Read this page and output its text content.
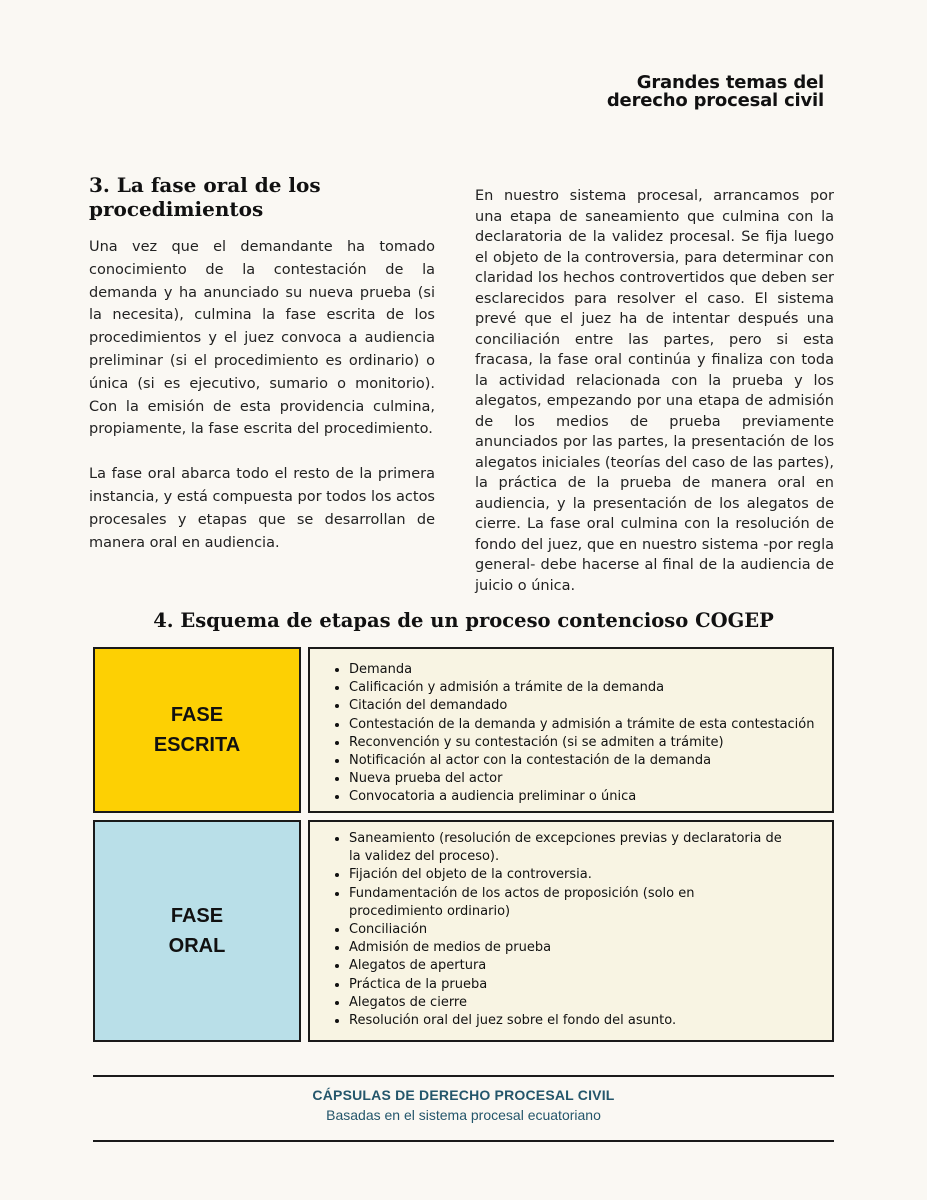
Grandes temas del
derecho procesal civil
3. La fase oral de los procedimientos

Una vez que el demandante ha tomado conocimiento de la contestación de la demanda y ha anunciado su nueva prueba (si la necesita), culmina la fase escrita de los procedimientos y el juez convoca a audiencia preliminar (si el procedimiento es ordinario) o única (si es ejecutivo, sumario o monitorio). Con la emisión de esta providencia culmina, propiamente, la fase escrita del procedimiento.

La fase oral abarca todo el resto de la primera instancia, y está compuesta por todos los actos procesales y etapas que se desarrollan de manera oral en audiencia.

En nuestro sistema procesal, arrancamos por una etapa de saneamiento que culmina con la declaratoria de la validez procesal. Se fija luego el objeto de la controversia, para determinar con claridad los hechos controvertidos que deben ser esclarecidos para resolver el caso. El sistema prevé que el juez ha de intentar después una conciliación entre las partes, pero si esta fracasa, la fase oral continúa y finaliza con toda la actividad relacionada con la prueba y los alegatos, empezando por una etapa de admisión de los medios de prueba previamente anunciados por las partes, la presentación de los alegatos iniciales (teorías del caso de las partes), la práctica de la prueba de manera oral en audiencia, y la presentación de los alegatos de cierre. La fase oral culmina con la resolución de fondo del juez, que en nuestro sistema -por regla general- debe hacerse al final de la audiencia de juicio o única.

4. Esquema de etapas de un proceso contencioso COGEP
FASE
ESCRITA
• Demanda
• Calificación y admisión a trámite de la demanda
• Citación del demandado
• Contestación de la demanda y admisión a trámite de esta contestación
• Reconvención y su contestación (si se admiten a trámite)
• Notificación al actor con la contestación de la demanda
• Nueva prueba del actor
• Convocatoria a audiencia preliminar o única
FASE
ORAL
• Saneamiento (resolución de excepciones previas y declaratoria de la validez del proceso).
• Fijación del objeto de la controversia.
• Fundamentación de los actos de proposición (solo en procedimiento ordinario)
• Conciliación
• Admisión de medios de prueba
• Alegatos de apertura
• Práctica de la prueba
• Alegatos de cierre
• Resolución oral del juez sobre el fondo del asunto.
CÁPSULAS DE DERECHO PROCESAL CIVIL
Basadas en el sistema procesal ecuatoriano
